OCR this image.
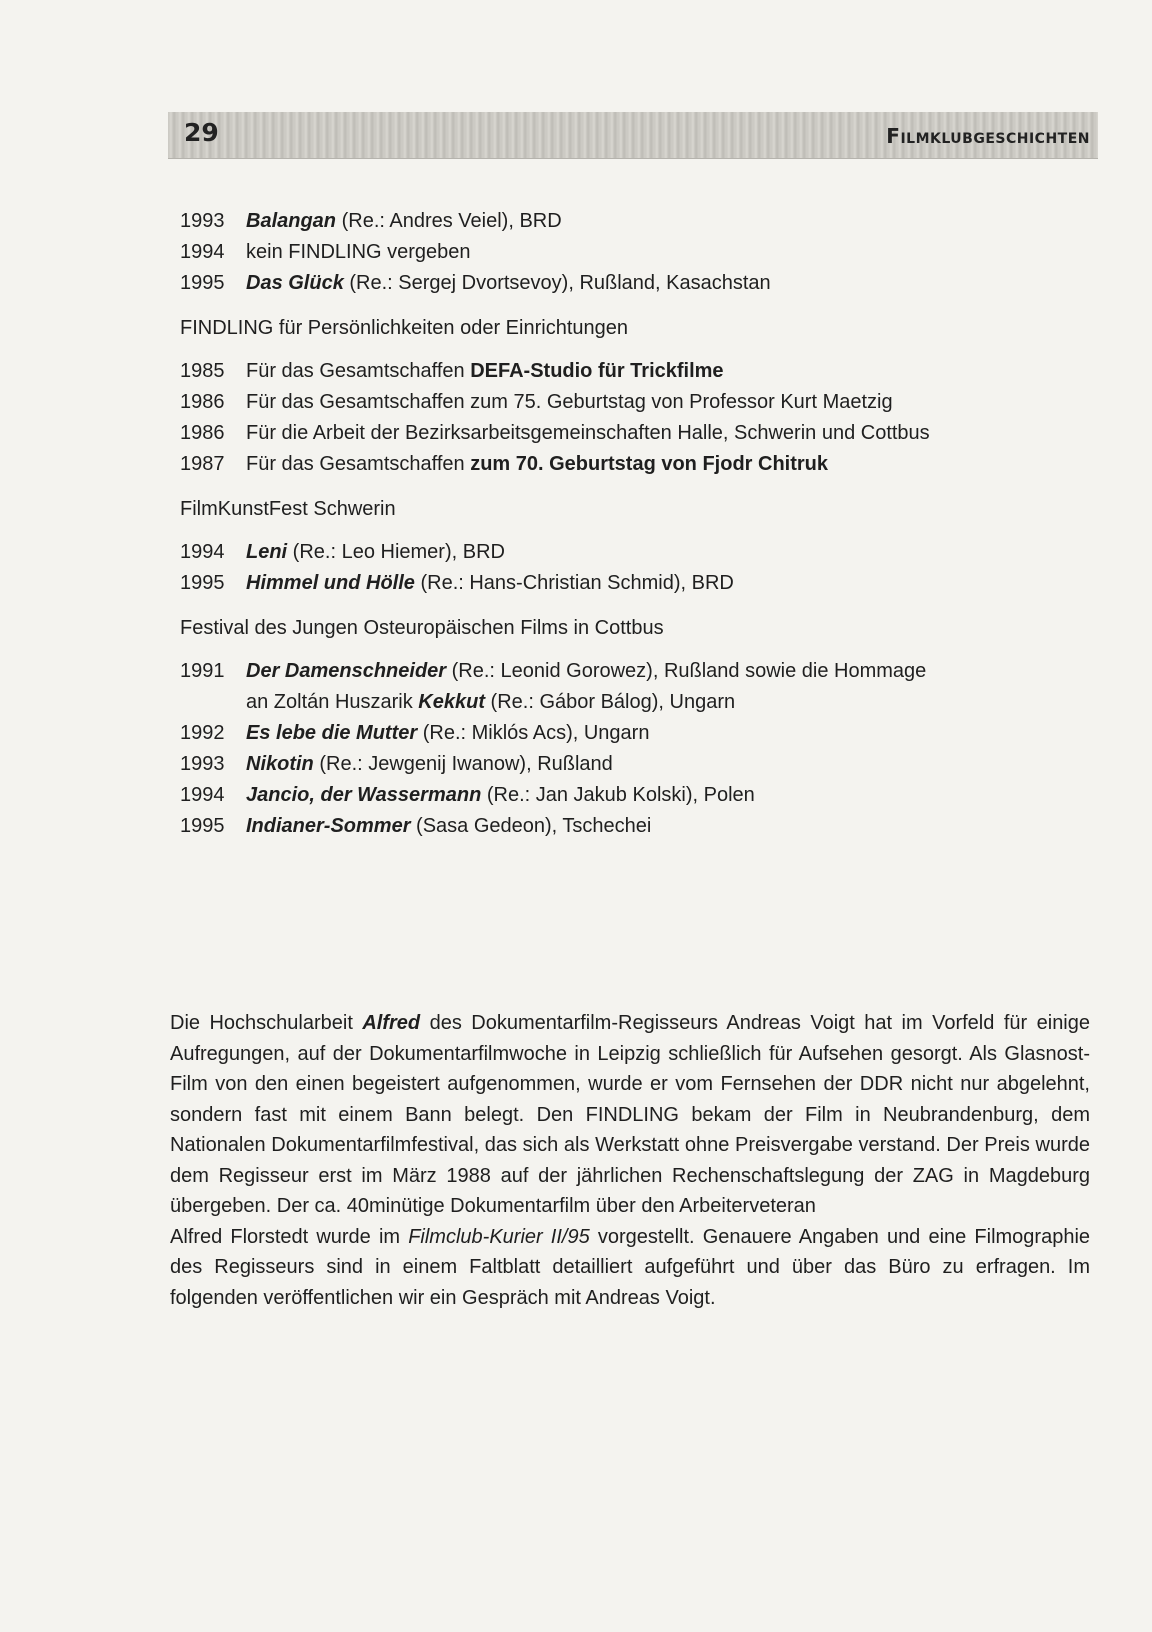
29	Filmklubgeschichten
1993	Balangan (Re.: Andres Veiel), BRD
1994	kein FINDLING vergeben
1995	Das Glück (Re.: Sergej Dvortsevoy), Rußland, Kasachstan
FINDLING für Persönlichkeiten oder Einrichtungen
1985	Für das Gesamtschaffen DEFA-Studio für Trickfilme
1986	Für das Gesamtschaffen zum 75. Geburtstag von Professor Kurt Maetzig
1986	Für die Arbeit der Bezirksarbeitsgemeinschaften Halle, Schwerin und Cottbus
1987	Für das Gesamtschaffen zum 70. Geburtstag von Fjodr Chitruk
FilmKunstFest Schwerin
1994	Leni (Re.: Leo Hiemer), BRD
1995	Himmel und Hölle (Re.: Hans-Christian Schmid), BRD
Festival des Jungen Osteuropäischen Films in Cottbus
1991	Der Damenschneider (Re.: Leonid Gorowez), Rußland sowie die Hommage
an Zoltán Huszarik Kekkut (Re.: Gábor Bálog), Ungarn
1992	Es lebe die Mutter (Re.: Miklós Acs), Ungarn
1993	Nikotin (Re.: Jewgenij Iwanow), Rußland
1994	Jancio, der Wassermann (Re.: Jan Jakub Kolski), Polen
1995	Indianer-Sommer (Sasa Gedeon), Tschechei

Die Hochschularbeit Alfred des Dokumentarfilm-Regisseurs Andreas Voigt hat im Vorfeld für einige Aufregungen, auf der Dokumentarfilmwoche in Leipzig schließlich für Aufsehen gesorgt. Als Glasnost-Film von den einen begeistert aufgenommen, wurde er vom Fernsehen der DDR nicht nur abgelehnt, sondern fast mit einem Bann belegt. Den FINDLING bekam der Film in Neubrandenburg, dem Nationalen Dokumentarfilmfestival, das sich als Werkstatt ohne Preisvergabe verstand. Der Preis wurde dem Regisseur erst im März 1988 auf der jährlichen Rechenschaftslegung der ZAG in Magdeburg übergeben. Der ca. 40minütige Dokumentarfilm über den Arbeiterveteran

Alfred Florstedt wurde im Filmclub-Kurier II/95 vorgestellt. Genauere Angaben und eine Filmographie des Regisseurs sind in einem Faltblatt detailliert aufgeführt und über das Büro zu erfragen. Im folgenden veröffentlichen wir ein Gespräch mit Andreas Voigt.
